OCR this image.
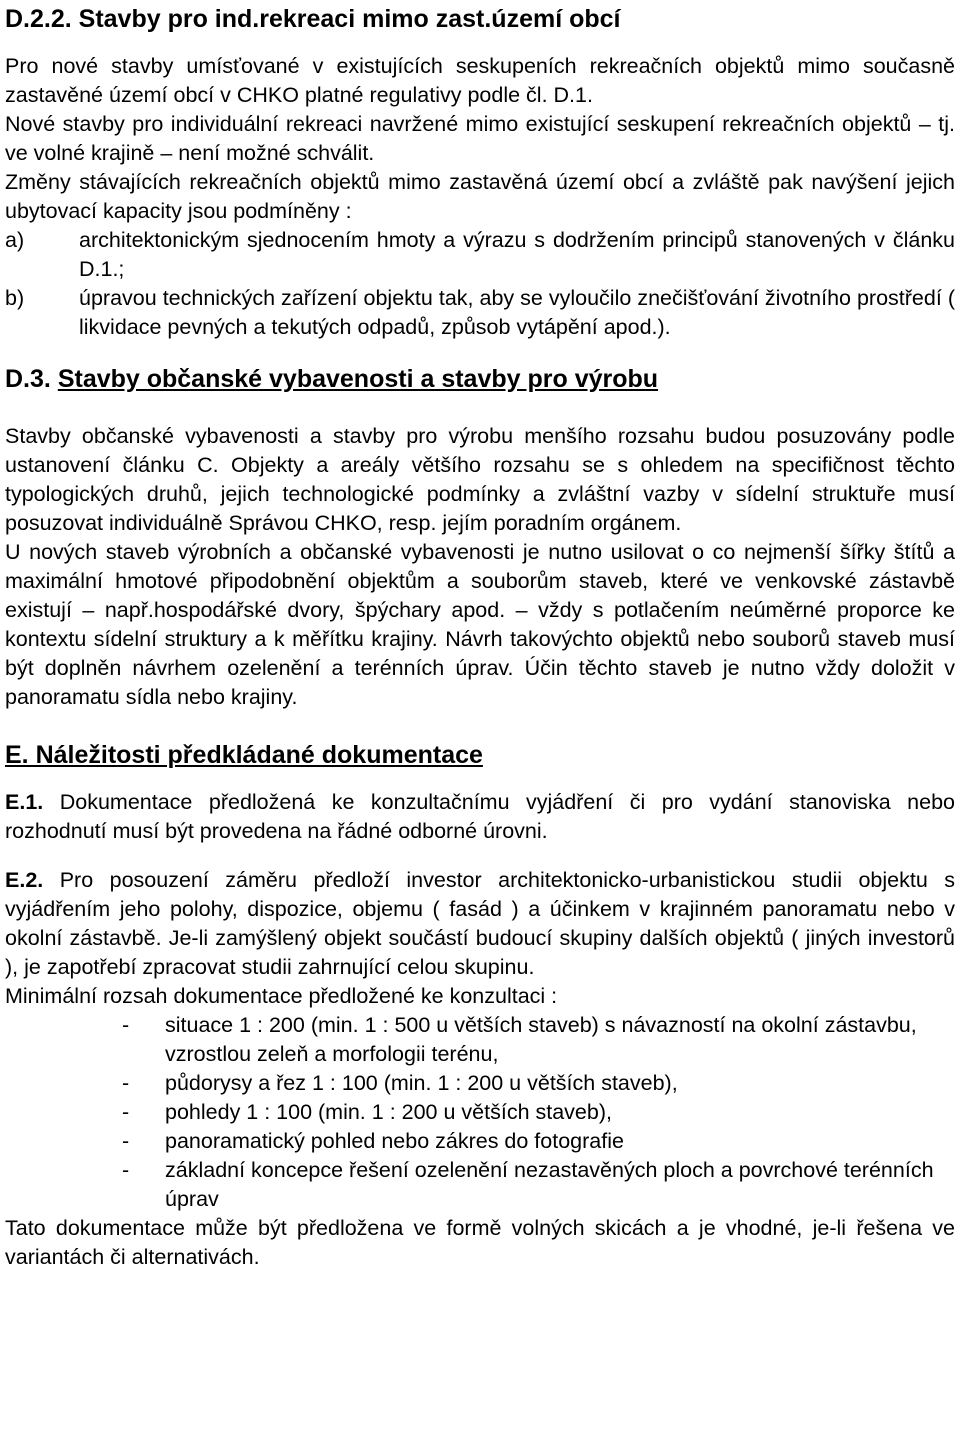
D.2.2. Stavby pro ind.rekreaci mimo zast.území obcí

Pro nové stavby umísťované v existujících seskupeních rekreačních objektů mimo současně zastavěné území obcí v CHKO platné regulativy podle čl. D.1.

Nové stavby pro individuální rekreaci navržené mimo existující seskupení rekreačních objektů – tj. ve volné krajině – není možné schválit.

Změny stávajících rekreačních objektů mimo zastavěná území obcí a zvláště pak navýšení jejich ubytovací kapacity jsou podmíněny :

a)	architektonickým sjednocením hmoty a výrazu s dodržením principů stanovených v článku D.1.;
b)	úpravou technických zařízení objektu tak, aby se vyloučilo znečišťování životního prostředí ( likvidace pevných a tekutých odpadů, způsob vytápění apod.).
D.3. Stavby občanské vybavenosti a stavby pro výrobu

Stavby občanské vybavenosti a stavby pro výrobu menšího rozsahu budou posuzovány podle ustanovení článku C. Objekty a areály většího rozsahu se s ohledem na specifičnost těchto typologických druhů, jejich technologické podmínky a zvláštní vazby v sídelní struktuře musí posuzovat individuálně Správou CHKO, resp. jejím poradním orgánem.

U nových staveb výrobních a občanské vybavenosti je nutno usilovat o co nejmenší šířky štítů a maximální hmotové připodobnění objektům a souborům staveb, které ve venkovské zástavbě existují – např.hospodářské dvory, špýchary apod. – vždy s potlačením neúměrné proporce ke kontextu sídelní struktury a k měřítku krajiny. Návrh takovýchto objektů nebo souborů staveb musí být doplněn návrhem ozelenění a terénních úprav. Účin těchto staveb je nutno vždy doložit v panoramatu sídla nebo krajiny.

E. Náležitosti předkládané dokumentace

E.1. Dokumentace předložená ke konzultačnímu vyjádření či pro vydání stanoviska nebo rozhodnutí musí být provedena na řádné odborné úrovni.

E.2. Pro posouzení záměru předloží investor architektonicko-urbanistickou studii objektu s vyjádřením jeho polohy, dispozice, objemu ( fasád ) a účinkem v krajinném panoramatu nebo v okolní zástavbě. Je-li zamýšlený objekt součástí budoucí skupiny dalších objektů ( jiných investorů ), je zapotřebí zpracovat studii zahrnující celou skupinu.

Minimální rozsah dokumentace předložené ke konzultaci :

-	situace 1 : 200 (min. 1 : 500 u větších staveb) s návazností na okolní zástavbu, vzrostlou zeleň a morfologii terénu,
-	půdorysy a řez 1 : 100 (min. 1 : 200 u větších staveb),
-	pohledy 1 : 100 (min. 1 : 200 u větších staveb),
-	panoramatický pohled nebo zákres do fotografie
-	základní koncepce řešení ozelenění nezastavěných ploch a povrchové terénních úprav

Tato dokumentace může být předložena ve formě volných skicách a je vhodné, je-li řešena ve variantách či alternativách.
